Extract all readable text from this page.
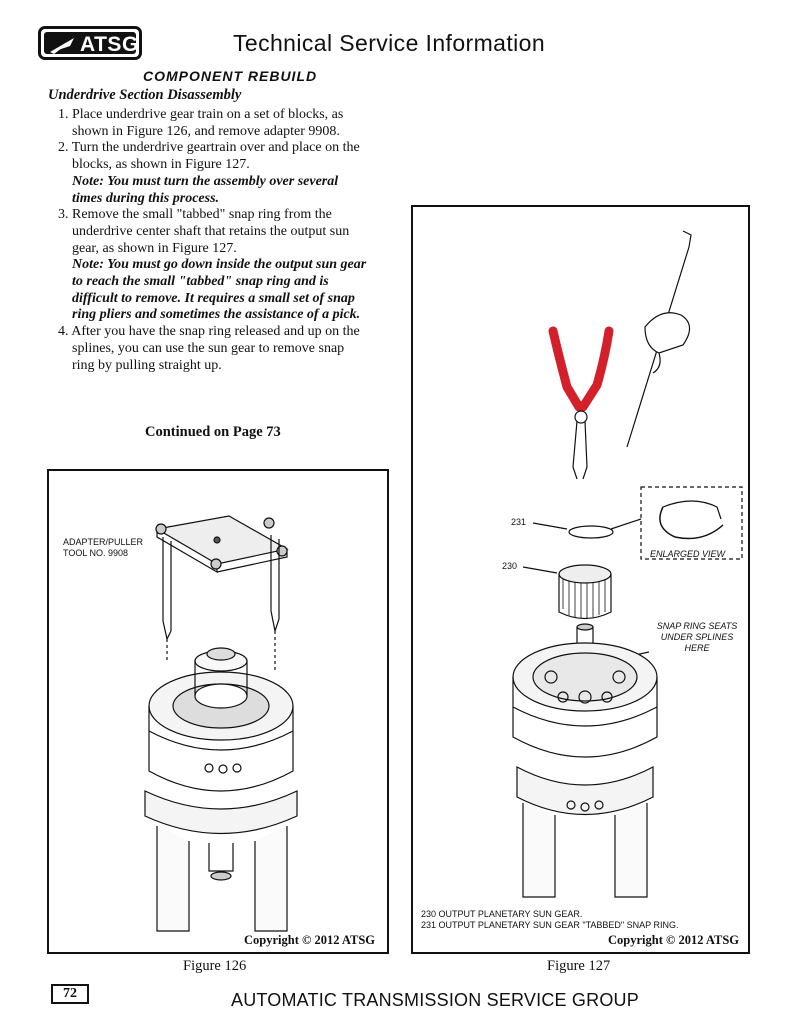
ATSG	Technical Service Information
COMPONENT REBUILD
Underdrive Section Disassembly

1. Place underdrive gear train on a set of blocks, as shown in Figure 126, and remove adapter 9908.

2. Turn the underdrive geartrain over and place on the blocks, as shown in Figure 127.

Note: You must turn the assembly over several times during this process.

3. Remove the small "tabbed" snap ring from the underdrive center shaft that retains the output sun gear, as shown in Figure 127.

Note: You must go down inside the output sun gear to reach the small "tabbed" snap ring and is difficult to remove. It requires a small set of snap ring pliers and sometimes the assistance of a pick.

4. After you have the snap ring released and up on the splines, you can use the sun gear to remove snap ring by pulling straight up.

Continued on Page 73
ADAPTER/PULLER
TOOL NO. 9908
Copyright © 2012 ATSG
Figure 126
231
230
ENLARGED VIEW
SNAP RING SEATS
UNDER SPLINES
HERE
230 OUTPUT PLANETARY SUN GEAR.
231 OUTPUT PLANETARY SUN GEAR "TABBED" SNAP RING.
Copyright © 2012 ATSG
Figure 127
72	AUTOMATIC TRANSMISSION SERVICE GROUP
